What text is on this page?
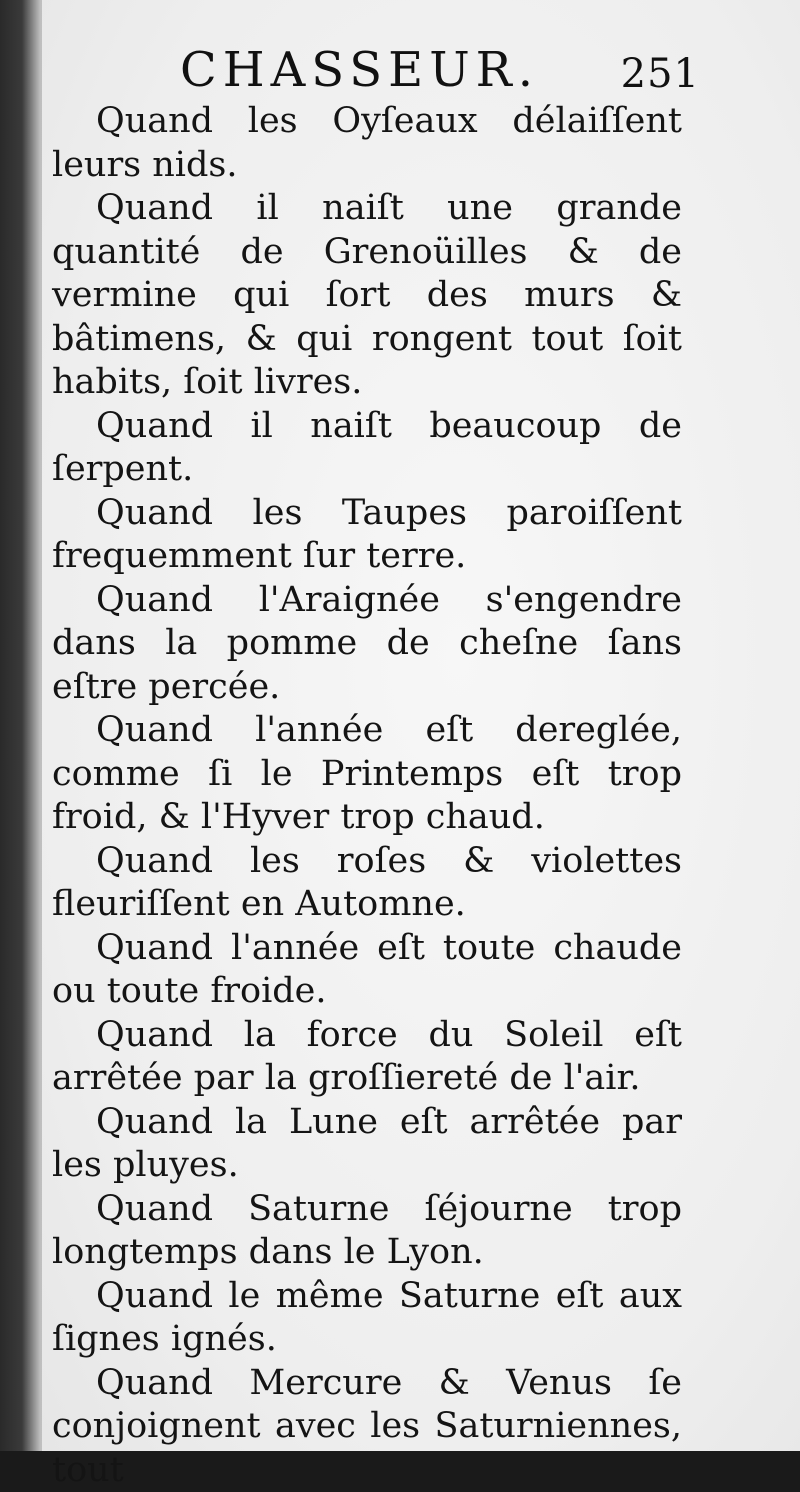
CHASSEUR. 251

Quand les Oyſeaux délaiſſent leurs nids.

Quand il naiſt une grande quantité de Grenoüilles & de vermine qui ſort des murs & bâtimens, & qui rongent tout ſoit habits, ſoit livres.

Quand il naiſt beaucoup de ſerpent.

Quand les Taupes paroiſſent frequemment ſur terre.

Quand l'Araignée s'engendre dans la pomme de cheſne ſans eſtre percée.

Quand l'année eſt dereglée, comme ſi le Printemps eſt trop froid, & l'Hyver trop chaud.

Quand les roſes & violettes fleuriſſent en Automne.

Quand l'année eſt toute chaude ou toute froide.

Quand la force du Soleil eſt arrêtée par la groſſiereté de l'air.

Quand la Lune eſt arrêtée par les pluyes.

Quand Saturne ſéjourne trop longtemps dans le Lyon.

Quand le même Saturne eſt aux ſignes ignés.

Quand Mercure & Venus ſe conjoignent avec les Saturniennes, tout
